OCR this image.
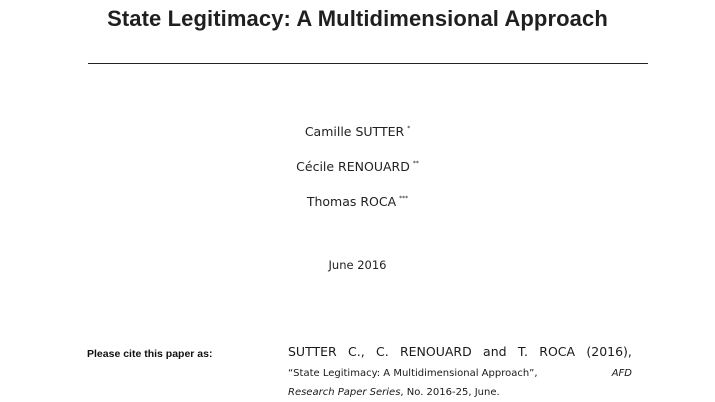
State Legitimacy: A Multidimensional Approach
Camille SUTTER *
Cécile RENOUARD **
Thomas ROCA ***
June 2016
Please cite this paper as:	SUTTER C., C. RENOUARD and T. ROCA (2016),
“State Legitimacy: A Multidimensional Approach”,	AFD
Research Paper Series, No. 2016-25, June.
